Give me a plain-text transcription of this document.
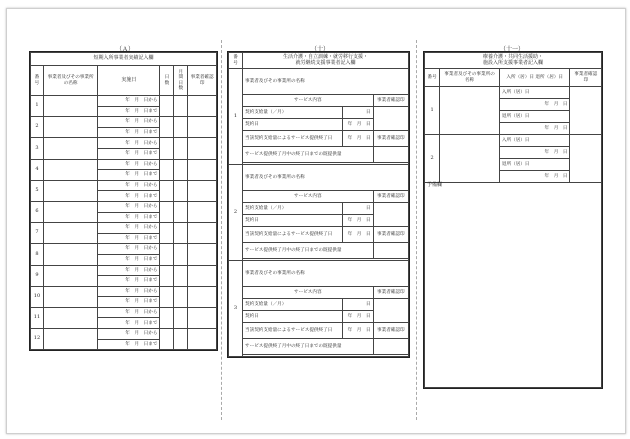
（Ａ）
短期入所事業者実績記入欄					
番号	事業者及びその事業所の名称	実施日	日数	月間日数	事業者確認印
1		年　月　日から			
		年　月　日まで			
2		年　月　日から			
		年　月　日まで			
3		年　月　日から			
		年　月　日まで			
4		年　月　日から			
		年　月　日まで			
5		年　月　日から			
		年　月　日まで			
6		年　月　日から			
		年　月　日まで			
7		年　月　日から			
		年　月　日まで			
8		年　月　日から			
		年　月　日まで			
9		年　月　日から			
		年　月　日まで			
10		年　月　日から			
		年　月　日まで			
11		年　月　日から			
		年　月　日まで			
12		年　月　日から			
		年　月　日まで			
（十）
番号	生活介護・自立訓練・就労移行支援・
就労継続支援事業者記入欄		

1	事業者及びその事業所の名称		
	サービス内容		事業者確認印
	契約支給量（／月）	日	
	契約日	年　月　日	
	当該契約支給量によるサービス提供終了日	年　月　日	事業者確認印
	サービス提供終了月中の終了日までの既提供量		

2	事業者及びその事業所の名称		
	サービス内容		事業者確認印
	契約支給量（／月）	日	
	契約日	年　月　日	
	当該契約支給量によるサービス提供終了日	年　月　日	事業者確認印
	サービス提供終了月中の終了日までの既提供量		

3	事業者及びその事業所の名称		
	サービス内容		事業者確認印
	契約支給量（／月）	日	
	契約日	年　月　日	
	当該契約支給量によるサービス提供終了日	年　月　日	事業者確認印
	サービス提供終了月中の終了日までの既提供量		

（十一）
療養介護・共同生活援助・
施設入所支援事業者記入欄			

番号	事業者及びその事業所の名称	入所（居）日 退所（居）日	事業者確認印
1		入所（居）日	
		年　月　日	
		退所（居）日	
		年　月　日	
2		入所（居）日	
		年　月　日	
		退所（居）日	
		年　月　日	
予備欄			
